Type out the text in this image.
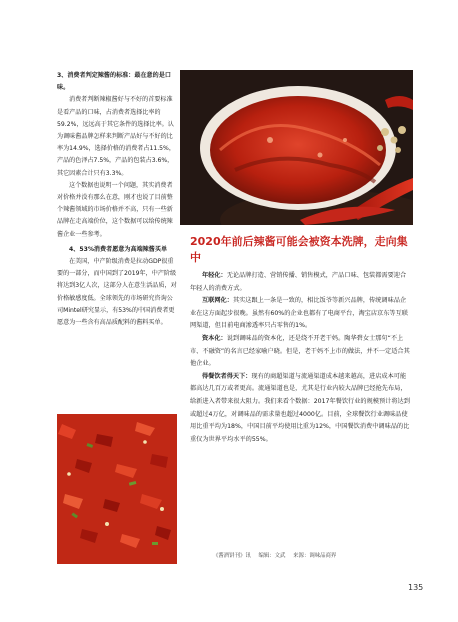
3、消费者判定辣酱的标准：最在意的是口味。

消费者判断辣椒酱好与不好的首要标准是看产品的口味，占消费者选择比率的59.2%，远远高于其它条件的选择比率。认为调味酱品牌怎样来判断产品好与不好的比率为14.9%，选择价格的消费者占11.5%，产品的色泽占7.5%，产品的包装占3.6%，其它因素合计只有3.3%。

这个数据也说明一个问题，其实消费者对价格并没有那么在意，刚才也说了目前整个辣酱领域的市场价格并不高，只有一些新品牌在走高端价位，这个数据可以给传统辣酱企业一些参考。

4、53%消费者愿意为高端辣酱买单

在美国，中产阶级消费是拉动GDP很重要的一部分，而中国到了2019年，中产阶级将达到3亿人次，这部分人在意生活品质，对价格敏感度低。全球领先的市场研究咨询公司Mintel研究显示，有53%的中国消费者更愿意为一些含有高品质配料的酱料买单。

2020年前后辣酱可能会被资本洗牌，走向集中

年轻化：无论品牌打造、营销传播、销售模式，产品口味、包装都需要迎合年轻人的消费方式。

互联网化：其实这跟上一条是一致的，相比饭爷等新兴品牌，传统调味品企业在这方面起步很晚。虽然有60%的企业也都有了电商平台，淘宝店京东等互联网渠道，但目前电商渗透率只占零售的1%。

资本化：说到调味品的资本化，还是绕不开老干妈。陶华碧女士那句“不上市、不融资”的名言已经家喻户晓。但是，老干妈不上市的做法，并不一定适合其他企业。

得餐饮者得天下：现有的商超渠道与流通渠道成本越来越高，进店成本可能都高达几百万或者更高。流通渠道也是，尤其是行业内较大品牌已经抢先布局，给新进入者带来很大阻力。我们来看个数据：2017年餐饮行业的规模预计将达到或超过4万亿，对调味品的需求量也超过4000亿。目前，全球餐饮行业调味品使用比重平均为18%，中国目前平均使用比重为12%，中国餐饮消费中调味品的比重仅为世界平均水平的55%。

《酱酒饼刊》讯 编辑：文武 来源：调味品商界
135
